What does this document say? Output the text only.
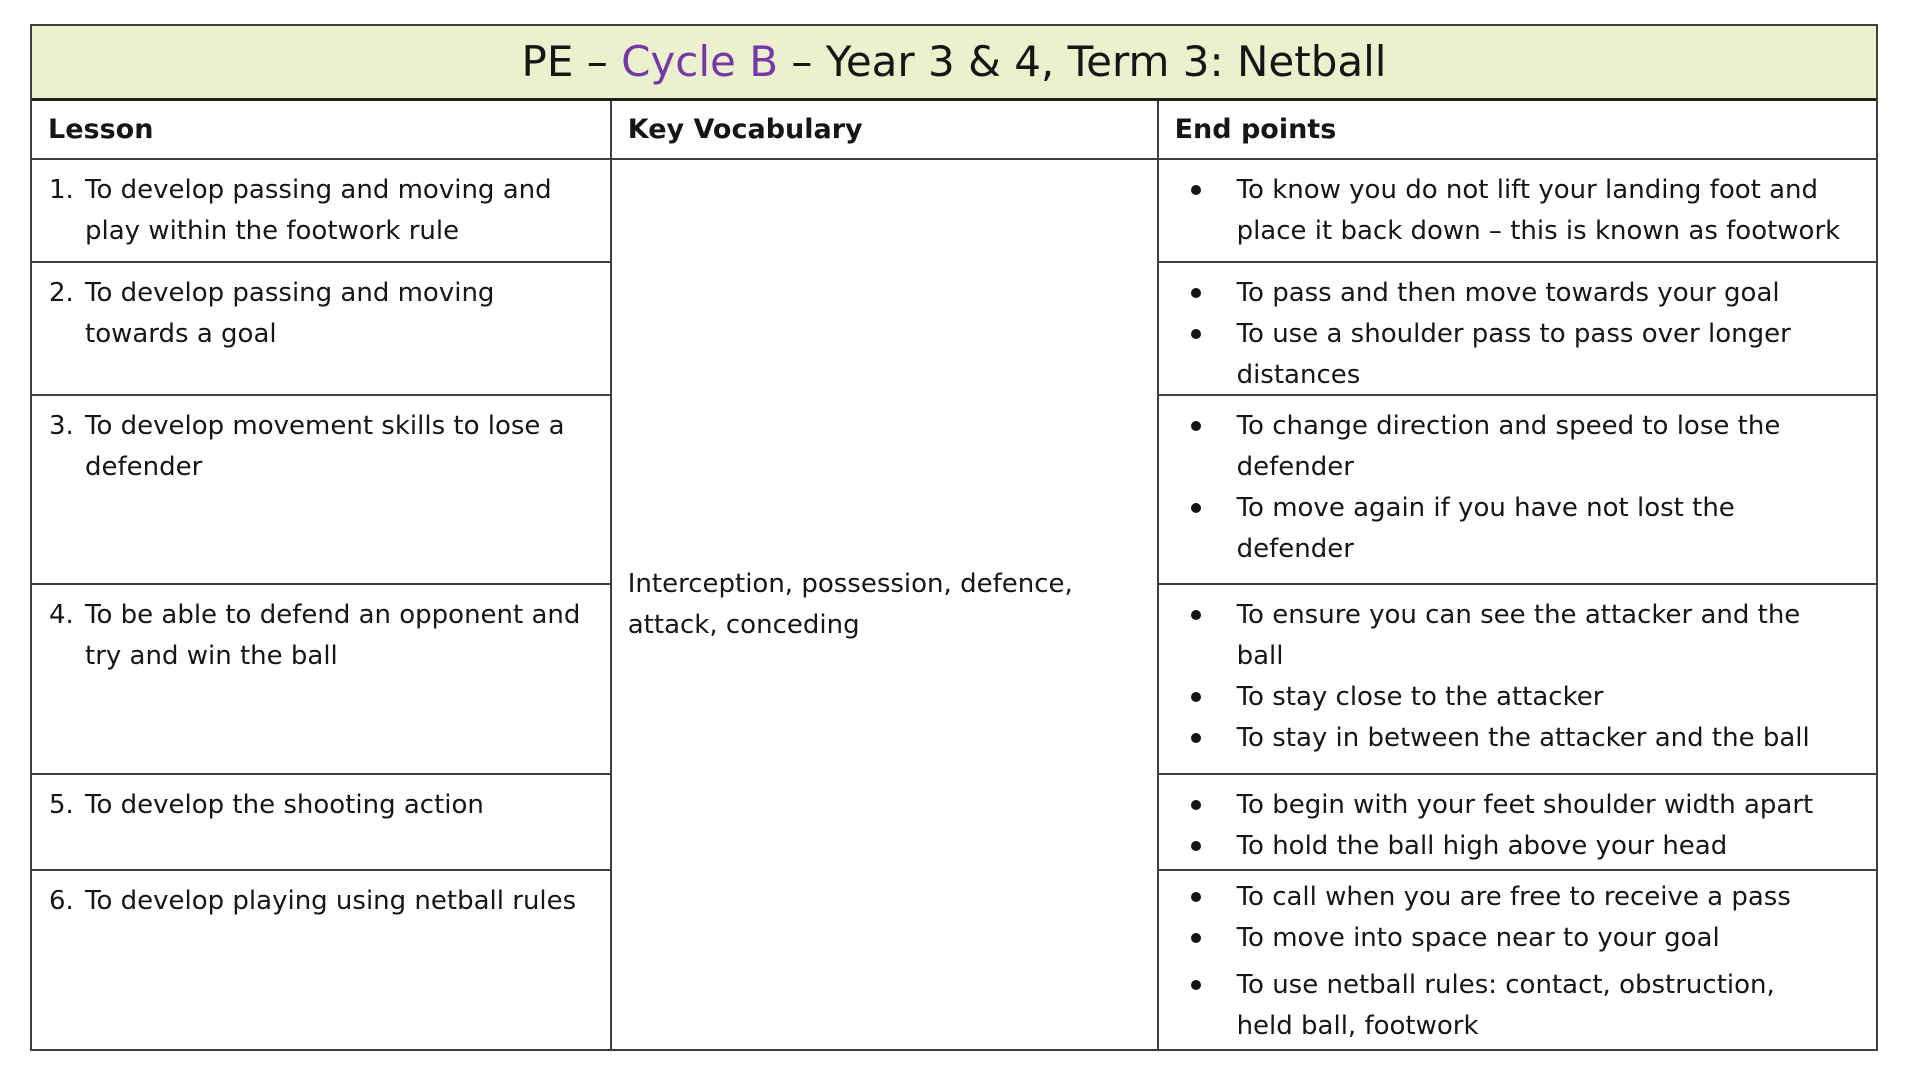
PE – Cycle B – Year 3 & 4, Term 3: Netball
Lesson	Key Vocabulary	End points
1. To develop passing and moving and play within the footwork rule
2. To develop passing and moving towards a goal
3. To develop movement skills to lose a defender
4. To be able to defend an opponent and try and win the ball
5. To develop the shooting action
6. To develop playing using netball rules
Interception, possession, defence, attack, conceding
To know you do not lift your landing foot and place it back down – this is known as footwork
To pass and then move towards your goal
To use a shoulder pass to pass over longer distances
To change direction and speed to lose the defender
To move again if you have not lost the defender
To ensure you can see the attacker and the ball
To stay close to the attacker
To stay in between the attacker and the ball
To begin with your feet shoulder width apart
To hold the ball high above your head
To call when you are free to receive a pass
To move into space near to your goal
To use netball rules: contact, obstruction, held ball, footwork
